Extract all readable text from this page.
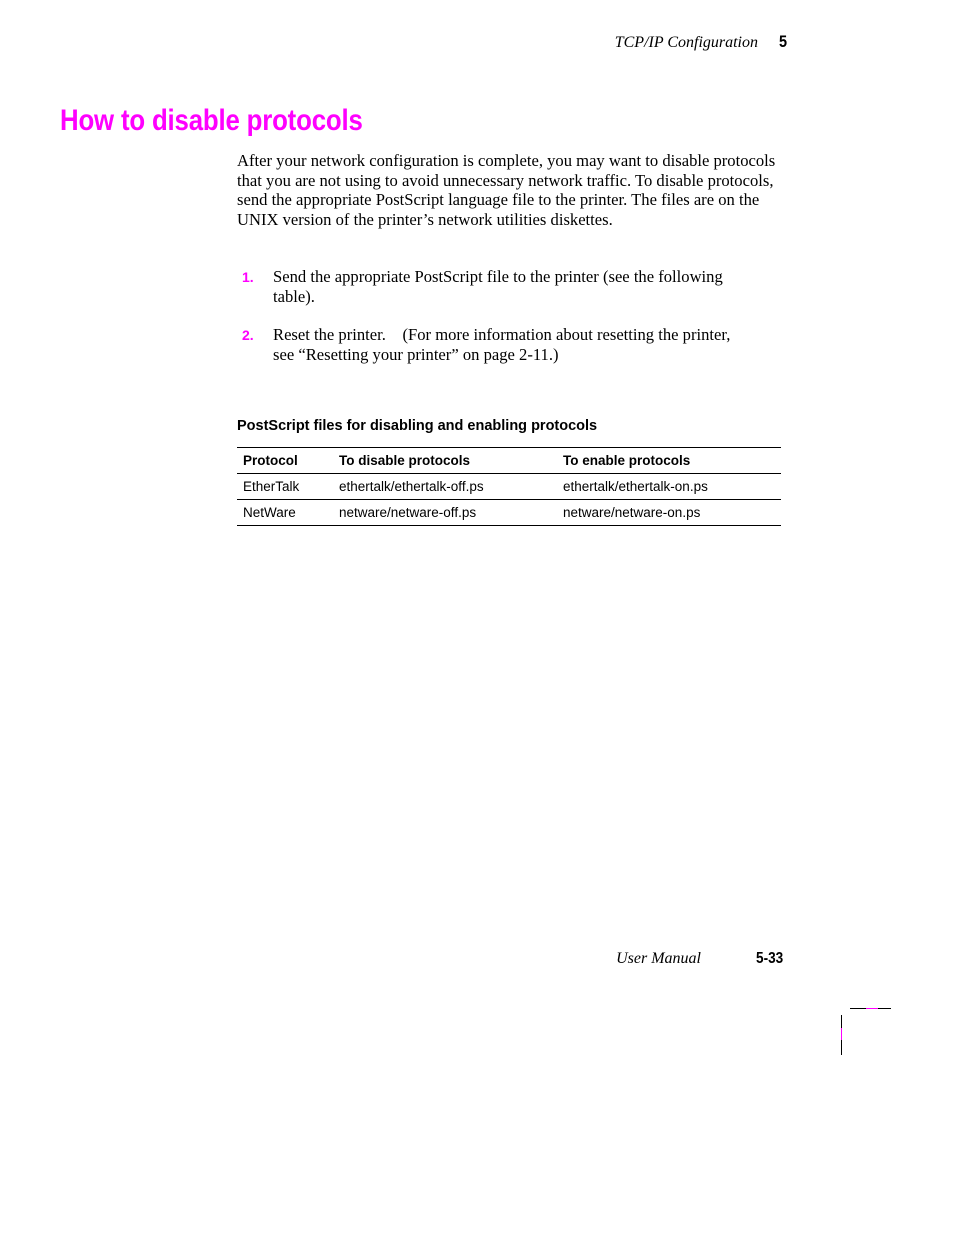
TCP/IP Configuration 5
How to disable protocols

After your network configuration is complete, you may want to disable protocols that you are not using to avoid unnecessary network traffic. To disable protocols, send the appropriate PostScript language file to the printer. The files are on the UNIX version of the printer’s network utilities diskettes.

1. Send the appropriate PostScript file to the printer (see the following table).
2. Reset the printer.    (For more information about resetting the printer, see “Resetting your printer” on page 2-11.)
PostScript files for disabling and enabling protocols
Protocol	To disable protocols	To enable protocols
EtherTalk	ethertalk/ethertalk-off.ps	ethertalk/ethertalk-on.ps
NetWare	netware/netware-off.ps	netware/netware-on.ps
User Manual	5-33
